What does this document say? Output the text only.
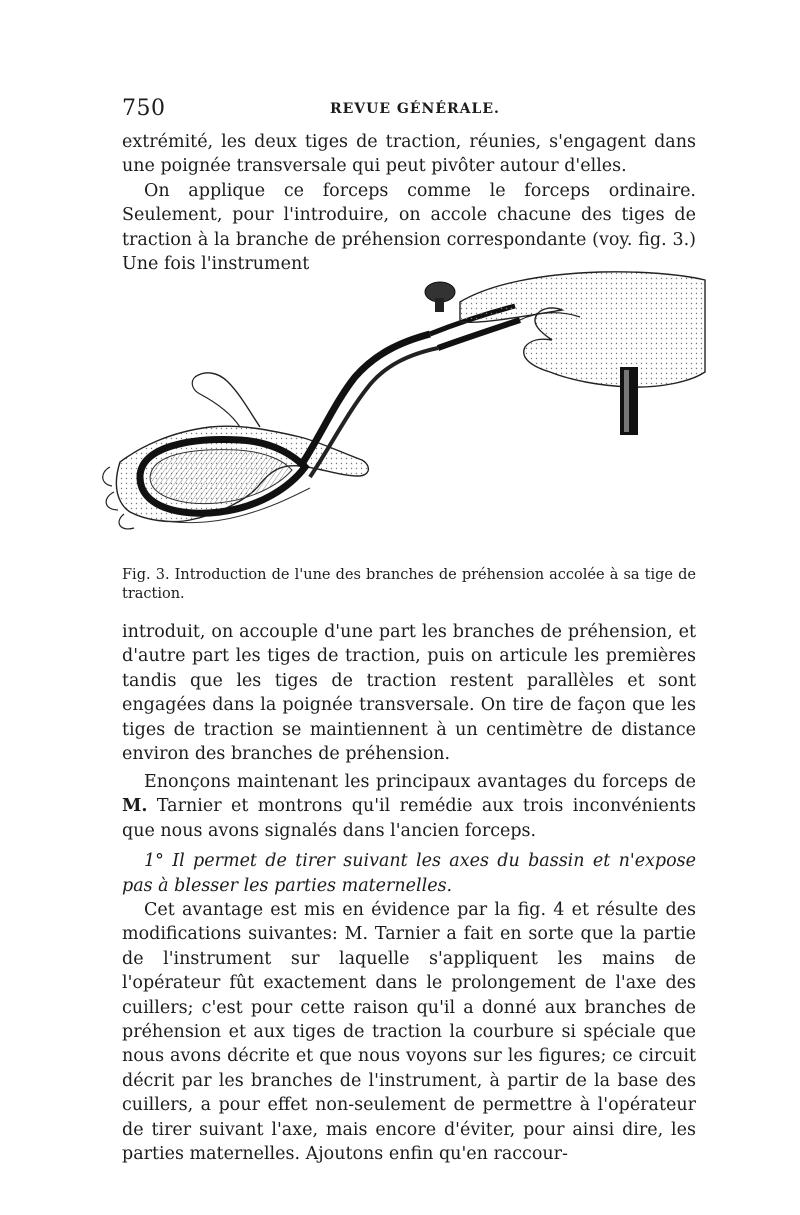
750	REVUE GÉNÉRALE.

extrémité, les deux tiges de traction, réunies, s'engagent dans une poignée transversale qui peut pivôter autour d'elles.

On applique ce forceps comme le forceps ordinaire. Seulement, pour l'introduire, on accole chacune des tiges de traction à la branche de préhension correspondante (voy. fig. 3.) Une fois l'instrument

Fig. 3. Introduction de l'une des branches de préhension accolée à sa tige de traction.

introduit, on accouple d'une part les branches de préhension, et d'autre part les tiges de traction, puis on articule les premières tandis que les tiges de traction restent parallèles et sont engagées dans la poignée transversale. On tire de façon que les tiges de traction se maintiennent à un centimètre de distance environ des branches de préhension.

Enonçons maintenant les principaux avantages du forceps de M. Tarnier et montrons qu'il remédie aux trois inconvénients que nous avons signalés dans l'ancien forceps.

1° Il permet de tirer suivant les axes du bassin et n'expose pas à blesser les parties maternelles.

Cet avantage est mis en évidence par la fig. 4 et résulte des modifications suivantes: M. Tarnier a fait en sorte que la partie de l'instrument sur laquelle s'appliquent les mains de l'opérateur fût exactement dans le prolongement de l'axe des cuillers; c'est pour cette raison qu'il a donné aux branches de préhension et aux tiges de traction la courbure si spéciale que nous avons décrite et que nous voyons sur les figures; ce circuit décrit par les branches de l'instrument, à partir de la base des cuillers, a pour effet non-seulement de permettre à l'opérateur de tirer suivant l'axe, mais encore d'éviter, pour ainsi dire, les parties maternelles. Ajoutons enfin qu'en raccour-
